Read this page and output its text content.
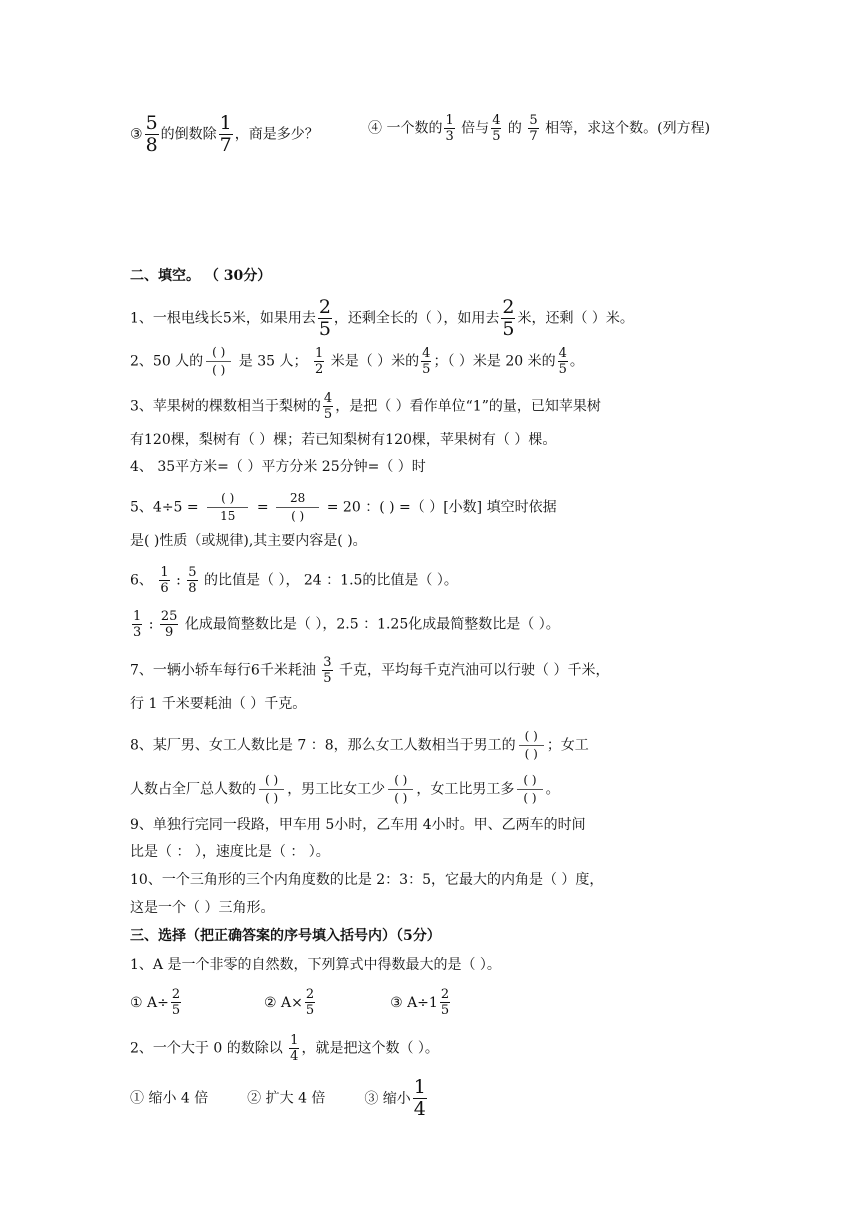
③ $\frac{5}{8}$ 的倒数除 $\frac{1}{7}$ ，商是多少？	④ 一个数的 $\frac{1}{3}$ 倍与 $\frac{4}{5}$ 的 $\frac{5}{7}$ 相等，求这个数。(列方程)
二、填空。 （ 30分）
1、一根电线长5米，如果用去 $\frac{2}{5}$ ，还剩全长的（ ），如用去 $\frac{2}{5}$ 米，还剩（ ）米。
2、50 人的
( )
( )
是 35 人； $\frac{1}{2}$ 米是（ ）米的 $\frac{4}{5}$ ；（ ）米是 20 米的 $\frac{4}{5}$ 。
3、苹果树的棵数相当于梨树的 $\frac{4}{5}$ ，是把（ ）看作单位“1”的量，已知苹果树
有120棵，梨树有（ ）棵；若已知梨树有120棵，苹果树有（ ）棵。
4、 35平方米=（ ）平方分米 25分钟=（ ）时
5、4÷5 =
( )
15
=
28
( )
= 20 ：( ) =（ ）[小数] 填空时依据
是( )性质（或规律),其主要内容是( )。
6、 $\frac{1}{6}$ : $\frac{5}{8}$ 的比值是（ ）， 24 ：1.5的比值是（ ）。
$\frac{1}{3}$ : $\frac{25}{9}$ 化成最简整数比是（ ），2.5 ：1.25化成最简整数比是（ ）。
7、一辆小轿车每行6千米耗油 $\frac{3}{5}$ 千克，平均每千克汽油可以行驶（ ）千米，
行 1 千米要耗油（ ）千克。
8、某厂男、女工人数比是 7 ：8，那么女工人数相当于男工的
( )
( )
；女工
人数占全厂总人数的
( )
( )
，男工比女工少
( )
( )
，女工比男工多
( )
( )
。
9、单独行完同一段路，甲车用 5小时，乙车用 4小时。甲、乙两车的时间
比是（ ： ），速度比是（ ： ）。
10、一个三角形的三个内角度数的比是 2：3：5，它最大的内角是（ ）度，
这是一个（ ）三角形。
三、选择（把正确答案的序号填入括号内）（5分）
1、A 是一个非零的自然数，下列算式中得数最大的是（ ）。
① $A\div \frac{2}{5}$	② $A\times \frac{2}{5}$	③ $A\div 1 \frac{2}{5}$
2、一个大于 0 的数除以 $\frac{1}{4}$ ，就是把这个数（ ）。
① 缩小 4 倍	② 扩大 4 倍	③ 缩小 $\frac{1}{4}$
